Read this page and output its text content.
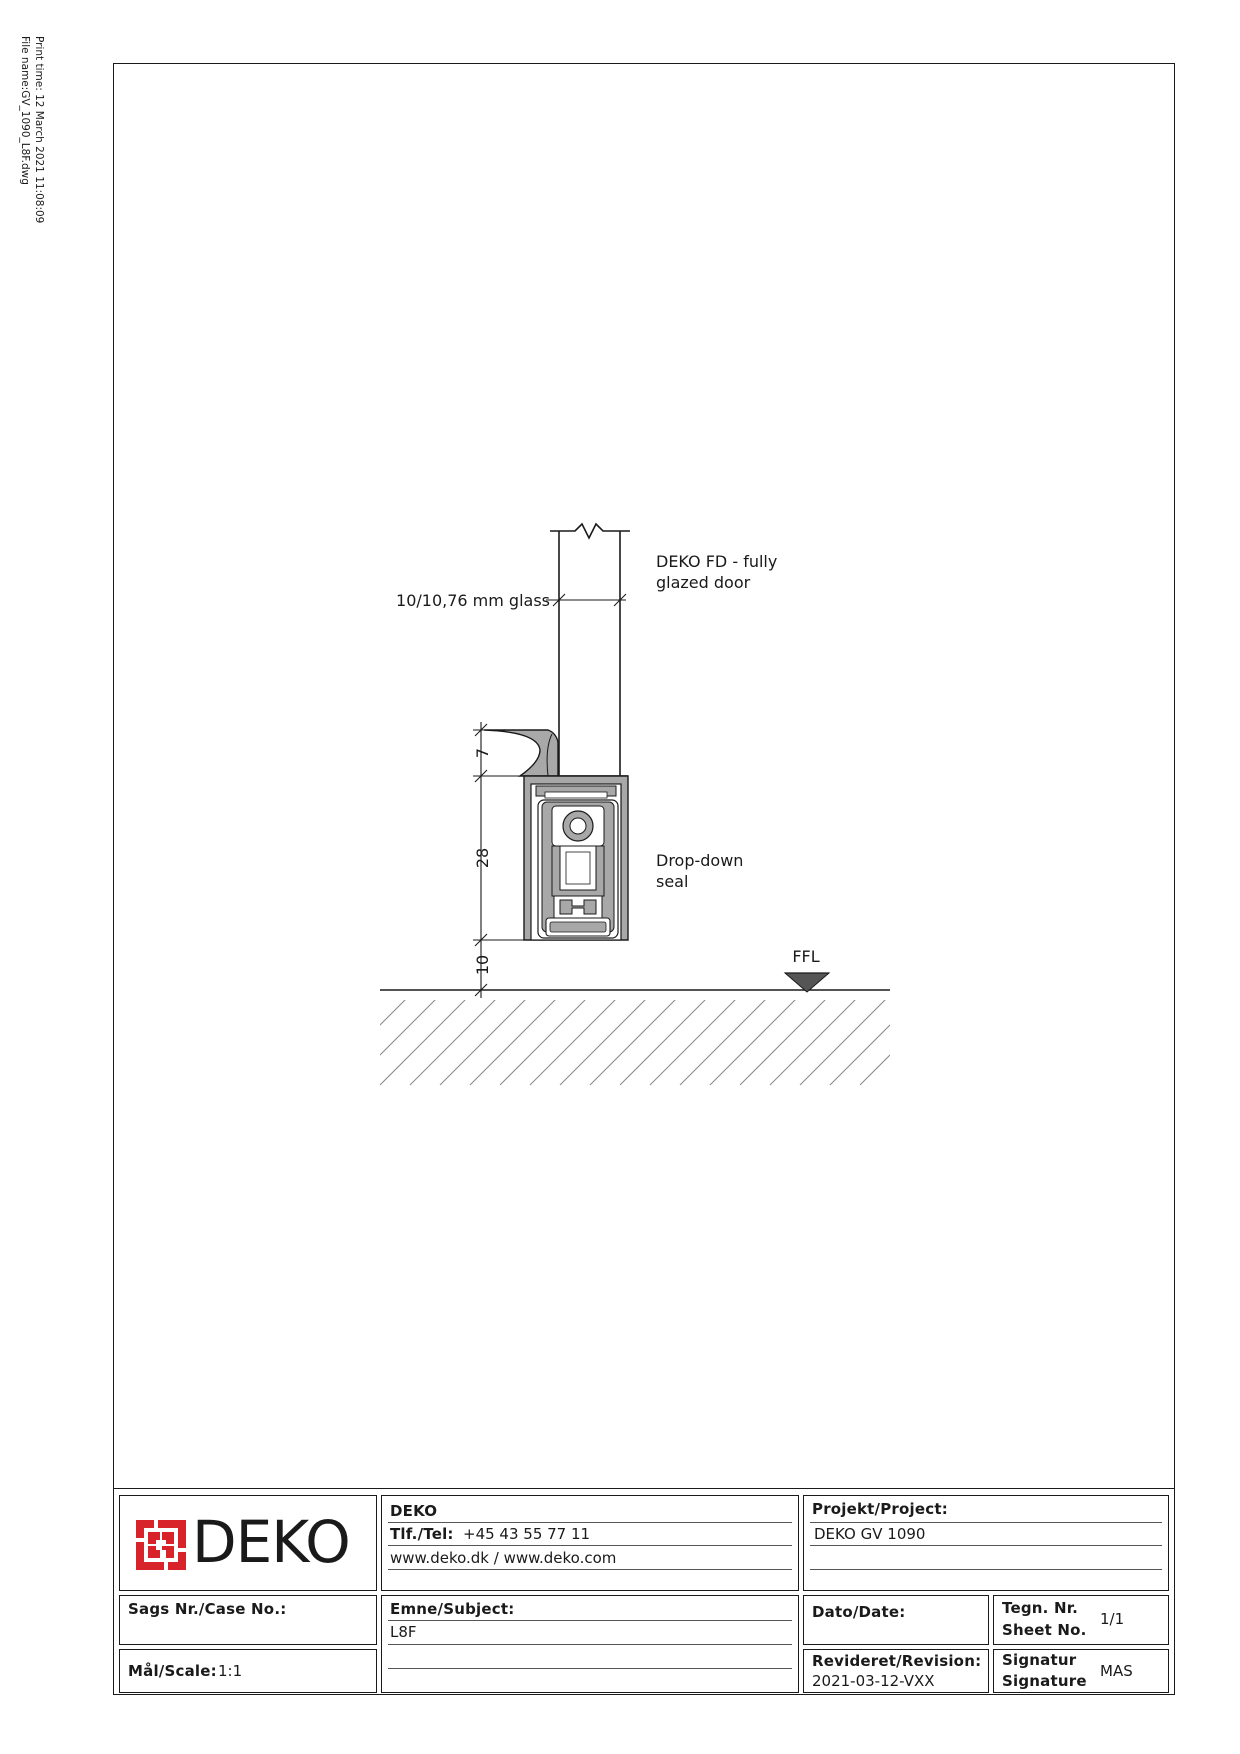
Print time: 12 March 2021 11:08:09
File name:GV_1090_L8F.dwg
FFL
7
28
10
10/10,76 mm glass
DEKO FD - fully
glazed door
Drop-down
seal
DEKO	DEKO
Tlf./Tel: +45 43 55 77 11
www.deko.dk / www.deko.com
Projekt/Project:
DEKO GV 1090
Sags Nr./Case No.:	Emne/Subject:
L8F
Dato/Date:	Tegn. Nr.
Sheet No.
1/1
Mål/Scale: 1:1
Revideret/Revision:
2021-03-12-VXX
Signatur
Signature
MAS
